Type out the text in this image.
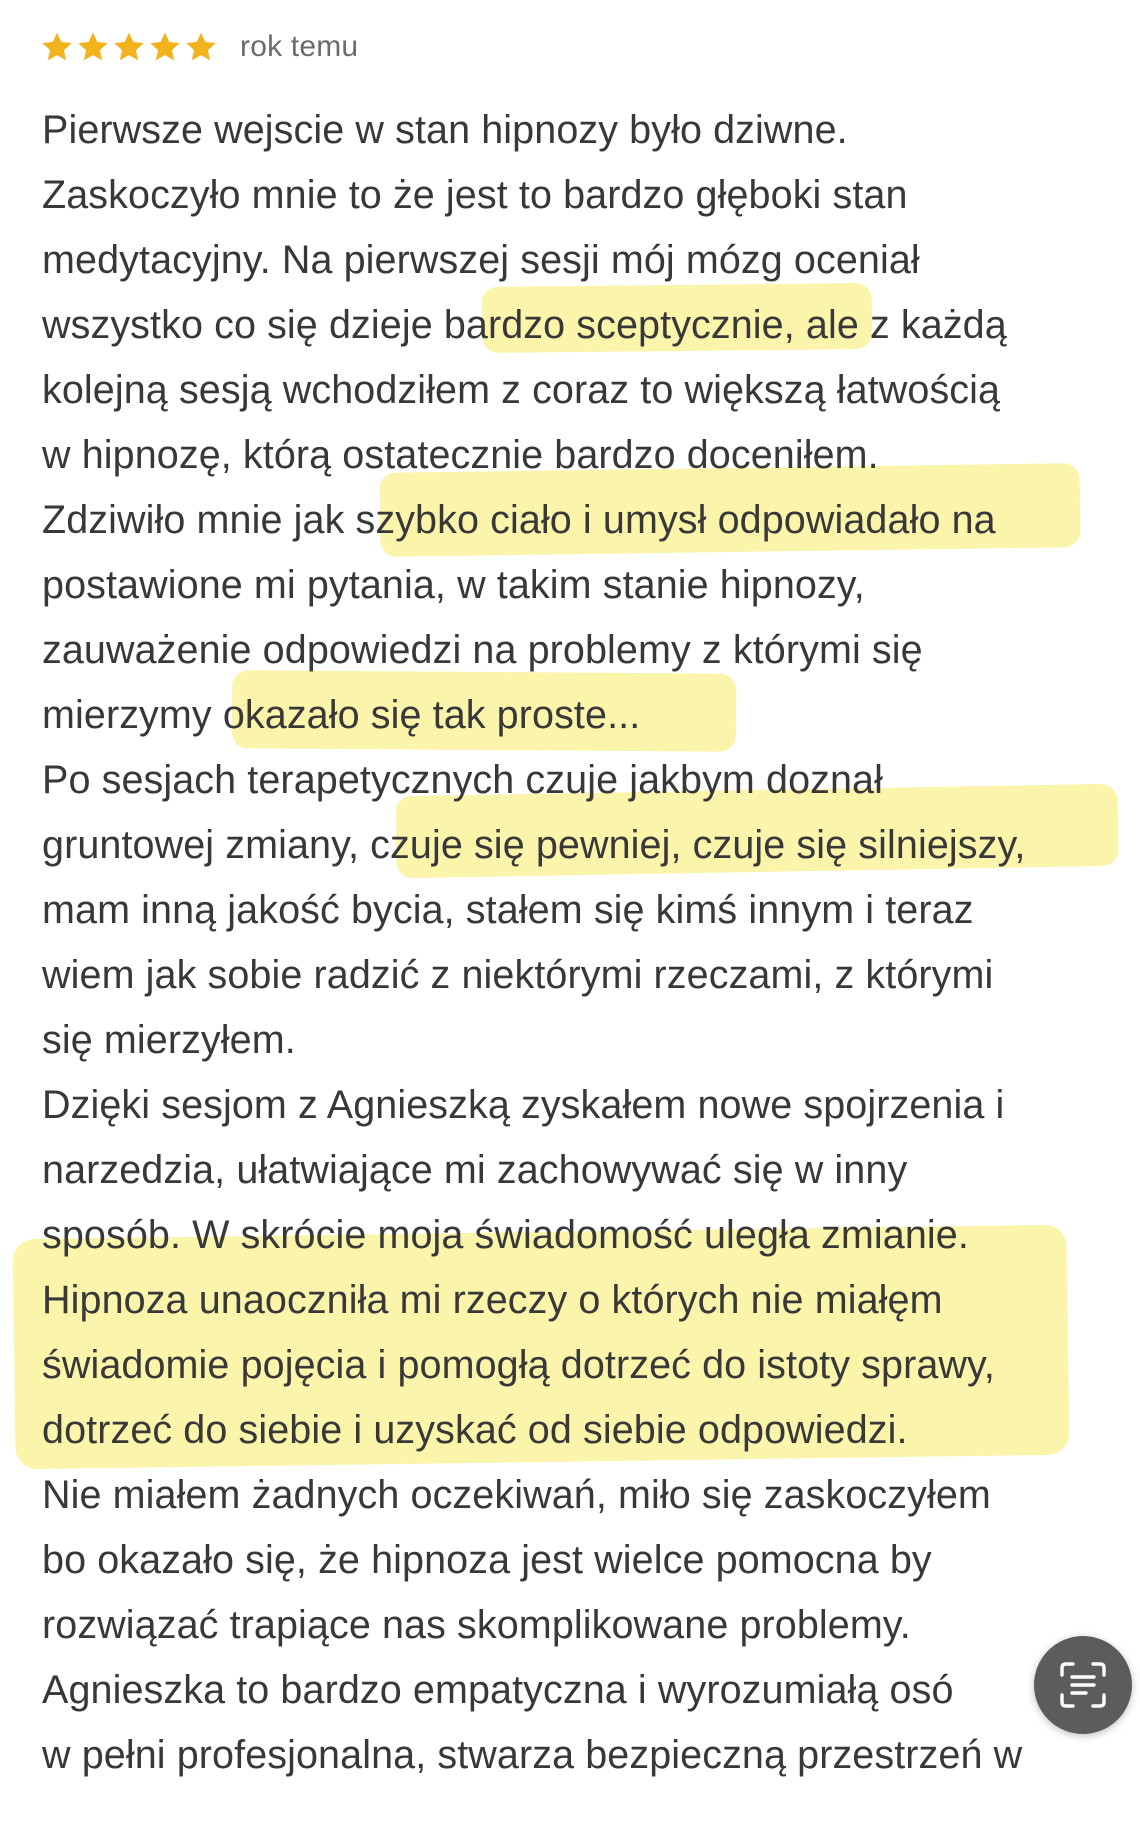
rok temu
Pierwsze wejscie w stan hipnozy było dziwne.
Zaskoczyło mnie to że jest to bardzo głęboki stan
medytacyjny. Na pierwszej sesji mój mózg oceniał
wszystko co się dzieje bardzo sceptycznie, ale z każdą
kolejną sesją wchodziłem z coraz to większą łatwością
w hipnozę, którą ostatecznie bardzo doceniłem.
Zdziwiło mnie jak szybko ciało i umysł odpowiadało na
postawione mi pytania, w takim stanie hipnozy,
zauważenie odpowiedzi na problemy z którymi się
mierzymy okazało się tak proste...
Po sesjach terapetycznych czuje jakbym doznał
gruntowej zmiany, czuje się pewniej, czuje się silniejszy,
mam inną jakość bycia, stałem się kimś innym i teraz
wiem jak sobie radzić z niektórymi rzeczami, z którymi
się mierzyłem.
Dzięki sesjom z Agnieszką zyskałem nowe spojrzenia i
narzedzia, ułatwiające mi zachowywać się w inny
sposób. W skrócie moja świadomość uległa zmianie.
Hipnoza unaoczniła mi rzeczy o których nie miałęm
świadomie pojęcia i pomogłą dotrzeć do istoty sprawy,
dotrzeć do siebie i uzyskać od siebie odpowiedzi.
Nie miałem żadnych oczekiwań, miło się zaskoczyłem
bo okazało się, że hipnoza jest wielce pomocna by
rozwiązać trapiące nas skomplikowane problemy.
Agnieszka to bardzo empatyczna i wyrozumiałą osó
w pełni profesjonalna, stwarza bezpieczną przestrzeń w
